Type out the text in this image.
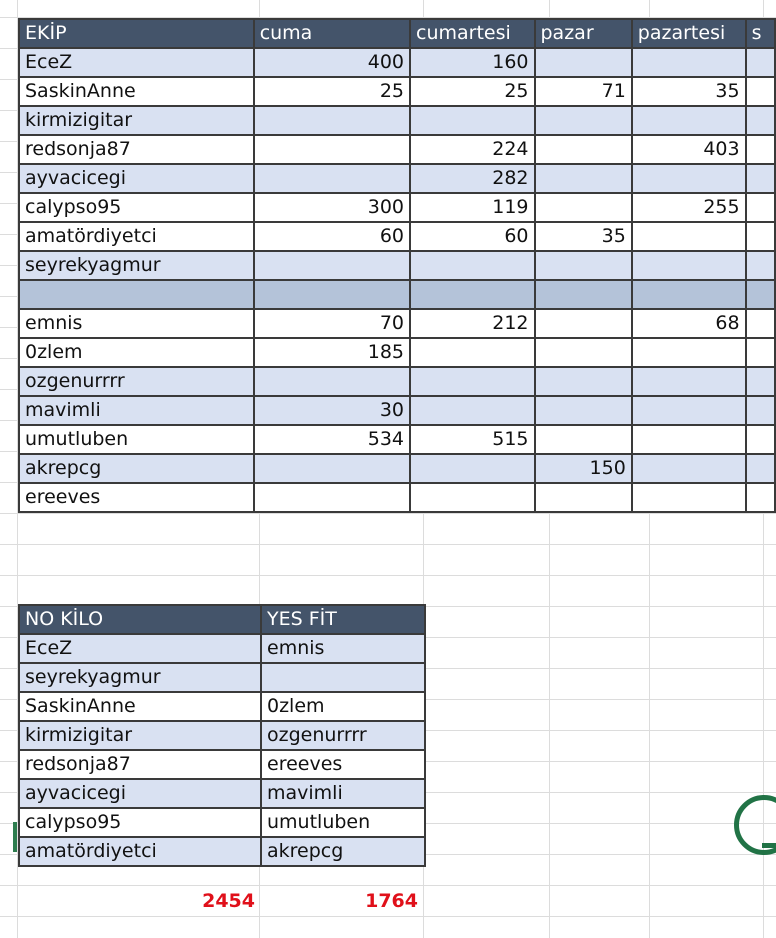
EKİP	cuma	cumartesi	pazar	pazartesi	s
EceZ	400	160			
SaskinAnne	25	25	71	35	
kirmizigitar					
redsonja87		224		403	
ayvacicegi		282			
calypso95	300	119		255	
amatördiyetci	60	60	35		
seyrekyagmur					

emnis	70	212		68	
0zlem	185				
ozgenurrrr					
mavimli	30				
umutluben	534	515			
akrepcg			150		
ereeves					
NO KİLO	YES FİT
EceZ	emnis
seyrekyagmur	
SaskinAnne	0zlem
kirmizigitar	ozgenurrrr
redsonja87	ereeves
ayvacicegi	mavimli
calypso95	umutluben
amatördiyetci	akrepcg
2454	1764
